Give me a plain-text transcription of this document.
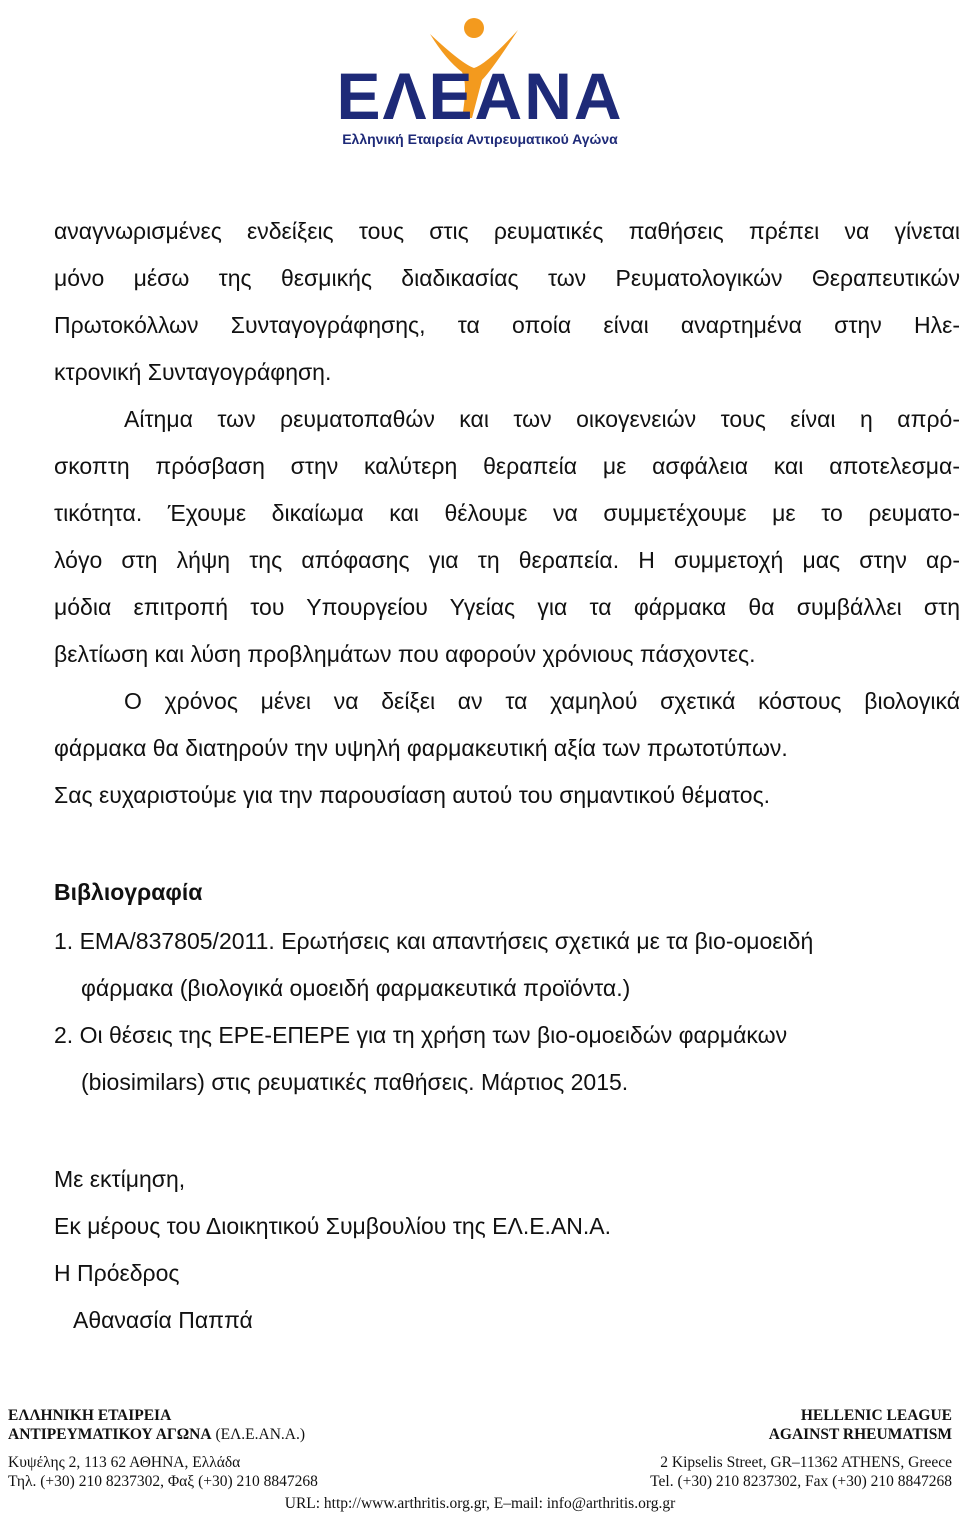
ΕΛΕΑΝΑ
Ελληνική Εταιρεία Αντιρευματικού Αγώνα
αναγνωρισμένες ενδείξεις τους στις ρευματικές παθήσεις πρέπει να γίνεται
μόνο μέσω της θεσμικής διαδικασίας των Ρευματολογικών Θεραπευτικών
Πρωτοκόλλων Συνταγογράφησης, τα οποία είναι αναρτημένα στην Ηλε-
κτρονική Συνταγογράφηση.
Αίτημα των ρευματοπαθών και των οικογενειών τους είναι η απρό-
σκοπτη πρόσβαση στην καλύτερη θεραπεία με ασφάλεια και αποτελεσμα-
τικότητα. Έχουμε δικαίωμα και θέλουμε να συμμετέχουμε με το ρευματο-
λόγο στη λήψη της απόφασης για τη θεραπεία. Η συμμετοχή μας στην αρ-
μόδια επιτροπή του Υπουργείου Υγείας για τα φάρμακα θα συμβάλλει στη
βελτίωση και λύση προβλημάτων που αφορούν χρόνιους πάσχοντες.
Ο χρόνος μένει να δείξει αν τα χαμηλού σχετικά κόστους βιολογικά
φάρμακα θα διατηρούν την υψηλή φαρμακευτική αξία των πρωτοτύπων.
Σας ευχαριστούμε για την παρουσίαση αυτού του σημαντικού θέματος.
Βιβλιογραφία
1. EMA/837805/2011. Ερωτήσεις και απαντήσεις σχετικά με τα βιο-ομοειδή
φάρμακα (βιολογικά ομοειδή φαρμακευτικά προϊόντα.)
2. Οι θέσεις της ΕΡΕ-ΕΠΕΡΕ για τη χρήση των βιο-ομοειδών φαρμάκων
(biosimilars) στις ρευματικές παθήσεις. Μάρτιος 2015.
Με εκτίμηση,
Εκ μέρους του Διοικητικού Συμβουλίου της ΕΛ.Ε.ΑΝ.Α.
Η Πρόεδρος
Αθανασία Παππά
ΕΛΛΗΝΙΚΗ ΕΤΑΙΡΕΙΑ
ΑΝΤΙΡΕΥΜΑΤΙΚΟΥ ΑΓΩΝΑ (ΕΛ.Ε.ΑΝ.Α.)
Κυψέλης 2, 113 62 ΑΘΗΝΑ, Ελλάδα
Τηλ. (+30) 210 8237302, Φαξ (+30) 210 8847268
HELLENIC LEAGUE
AGAINST RHEUMATISM
2 Kipselis Street, GR–11362 ATHENS, Greece
Tel. (+30) 210 8237302, Fax (+30) 210 8847268
URL: http://www.arthritis.org.gr, E–mail: info@arthritis.org.gr
